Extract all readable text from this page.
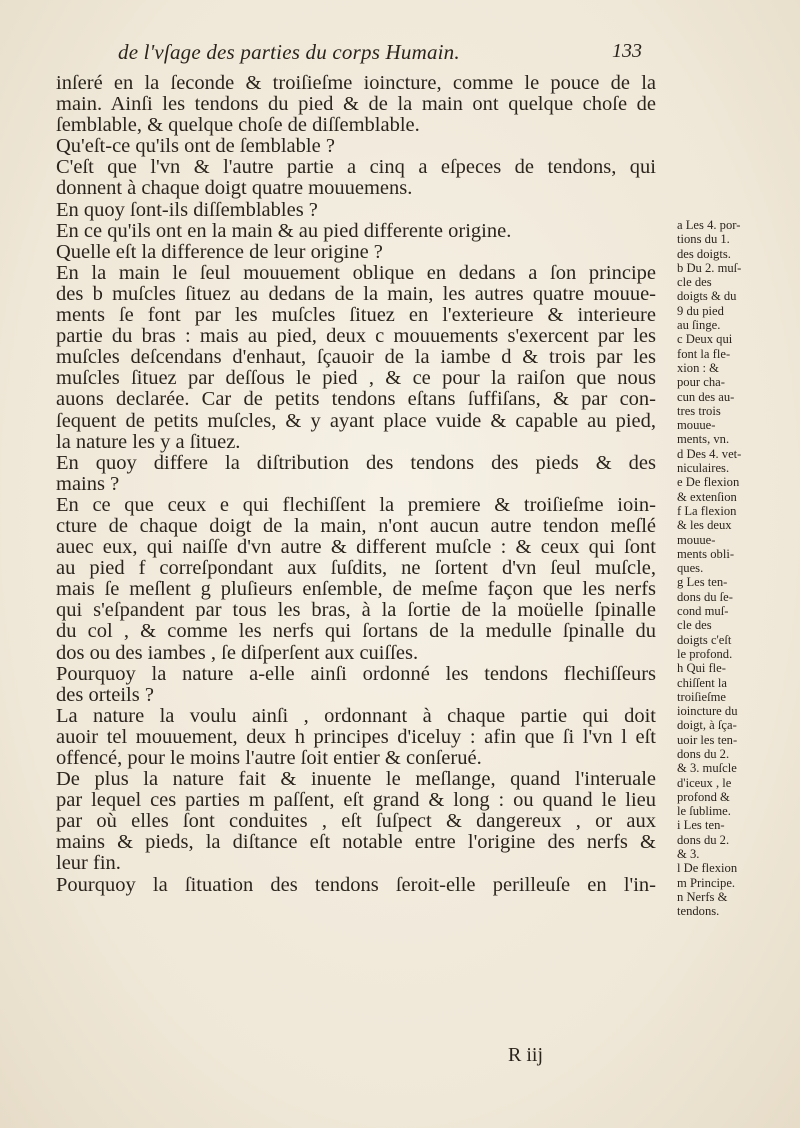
de l'vſage des parties du corps Humain.	133
inſeré en la ſeconde & troiſieſme ioincture, comme le pouce de la
main. Ainſi les tendons du pied & de la main ont quelque choſe de
ſemblable, & quelque choſe de diſſemblable.
Qu'eſt-ce qu'ils ont de ſemblable ?
C'eſt que l'vn & l'autre partie a cinq a eſpeces de tendons, qui
donnent à chaque doigt quatre mouuemens.
En quoy ſont-ils diſſemblables ?
En ce qu'ils ont en la main & au pied differente origine.
Quelle eſt la difference de leur origine ?
En la main le ſeul mouuement oblique en dedans a ſon principe
des b muſcles ſituez au dedans de la main, les autres quatre mouue-
ments ſe font par les muſcles ſituez en l'exterieure & interieure
partie du bras : mais au pied, deux c mouuements s'exercent par les
muſcles deſcendans d'enhaut, ſçauoir de la iambe d & trois par les
muſcles ſituez par deſſous le pied , & ce pour la raiſon que nous
auons declarée. Car de petits tendons eſtans ſuffiſans, & par con-
ſequent de petits muſcles, & y ayant place vuide & capable au pied,
la nature les y a ſituez.
En quoy differe la diſtribution des tendons des pieds & des
mains ?
En ce que ceux e qui flechiſſent la premiere & troiſieſme ioin-
cture de chaque doigt de la main, n'ont aucun autre tendon meſlé
auec eux, qui naiſſe d'vn autre & different muſcle : & ceux qui ſont
au pied f correſpondant aux ſuſdits, ne ſortent d'vn ſeul muſcle,
mais ſe meſlent g pluſieurs enſemble, de meſme façon que les nerfs
qui s'eſpandent par tous les bras, à la ſortie de la moüelle ſpinalle
du col , & comme les nerfs qui ſortans de la medulle ſpinalle du
dos ou des iambes , ſe diſperſent aux cuiſſes.
Pourquoy la nature a-elle ainſi ordonné les tendons flechiſſeurs
des orteils ?
La nature la voulu ainſi , ordonnant à chaque partie qui doit
auoir tel mouuement, deux h principes d'iceluy : afin que ſi l'vn l eſt
offencé, pour le moins l'autre ſoit entier & conſerué.
De plus la nature fait & inuente le meſlange, quand l'interuale
par lequel ces parties m paſſent, eſt grand & long : ou quand le lieu
par où elles ſont conduites , eſt ſuſpect & dangereux , or aux
mains & pieds, la diſtance eſt notable entre l'origine des nerfs &
leur fin.
Pourquoy la ſituation des tendons ſeroit-elle perilleuſe en l'in-
a Les 4. por-
tions du 1.
des doigts.
b Du 2. muſ-
cle des
doigts & du
9 du pied
au ſinge.
c Deux qui
font la fle-
xion : &
pour cha-
cun des au-
tres trois
mouue-
ments, vn.
d Des 4. vet-
niculaires.
e De flexion
& extenſion
f La flexion
& les deux
mouue-
ments obli-
ques.
g Les ten-
dons du ſe-
cond muſ-
cle des
doigts c'eſt
le profond.
h Qui fle-
chiſſent la
troiſieſme
ioincture du
doigt, à ſça-
uoir les ten-
dons du 2.
& 3. muſcle
d'iceux , le
profond &
le ſublime.
i Les ten-
dons du 2.
& 3.
l De flexion
m Principe.
n Nerfs &
tendons.
R iij
